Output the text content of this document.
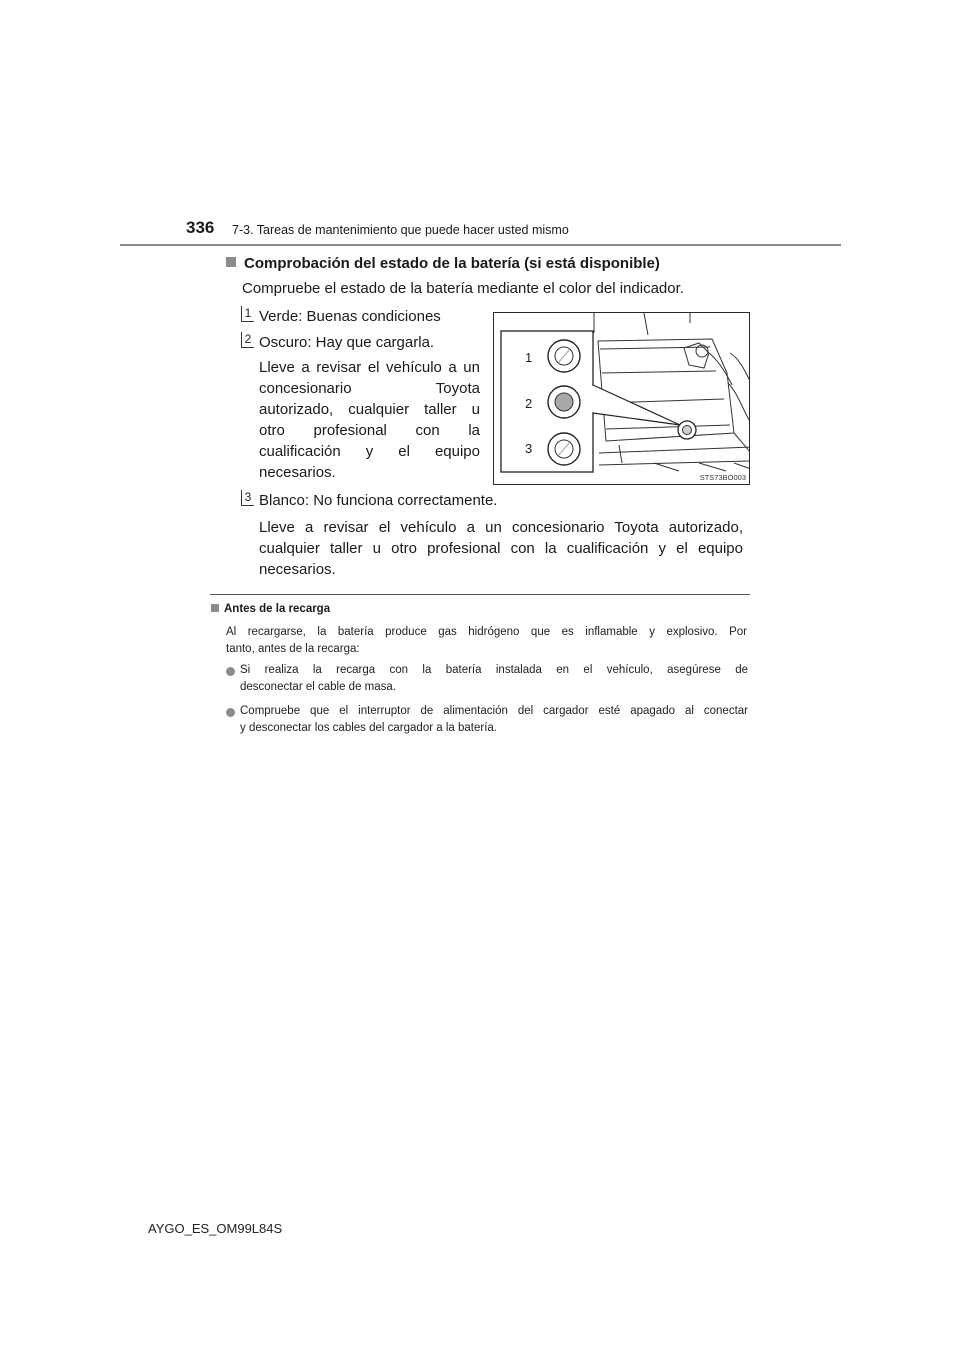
336 7-3. Tareas de mantenimiento que puede hacer usted mismo
Comprobación del estado de la batería (si está disponible)
Compruebe el estado de la batería mediante el color del indicador.
1 Verde: Buenas condiciones
2 Oscuro: Hay que cargarla.
Lleve a revisar el vehículo a un
concesionario Toyota
autorizado, cualquier taller u
otro profesional con la
cualificación y el equipo
necesarios.
1
2
3
STS73BO003
3 Blanco: No funciona correctamente.
Lleve a revisar el vehículo a un concesionario Toyota autorizado,
cualquier taller u otro profesional con la cualificación y el equipo
necesarios.
Antes de la recarga
Al recargarse, la batería produce gas hidrógeno que es inflamable y explosivo. Por
tanto, antes de la recarga:
Si realiza la recarga con la batería instalada en el vehículo, asegúrese de
desconectar el cable de masa.
Compruebe que el interruptor de alimentación del cargador esté apagado al conectar
y desconectar los cables del cargador a la batería.
AYGO_ES_OM99L84S
